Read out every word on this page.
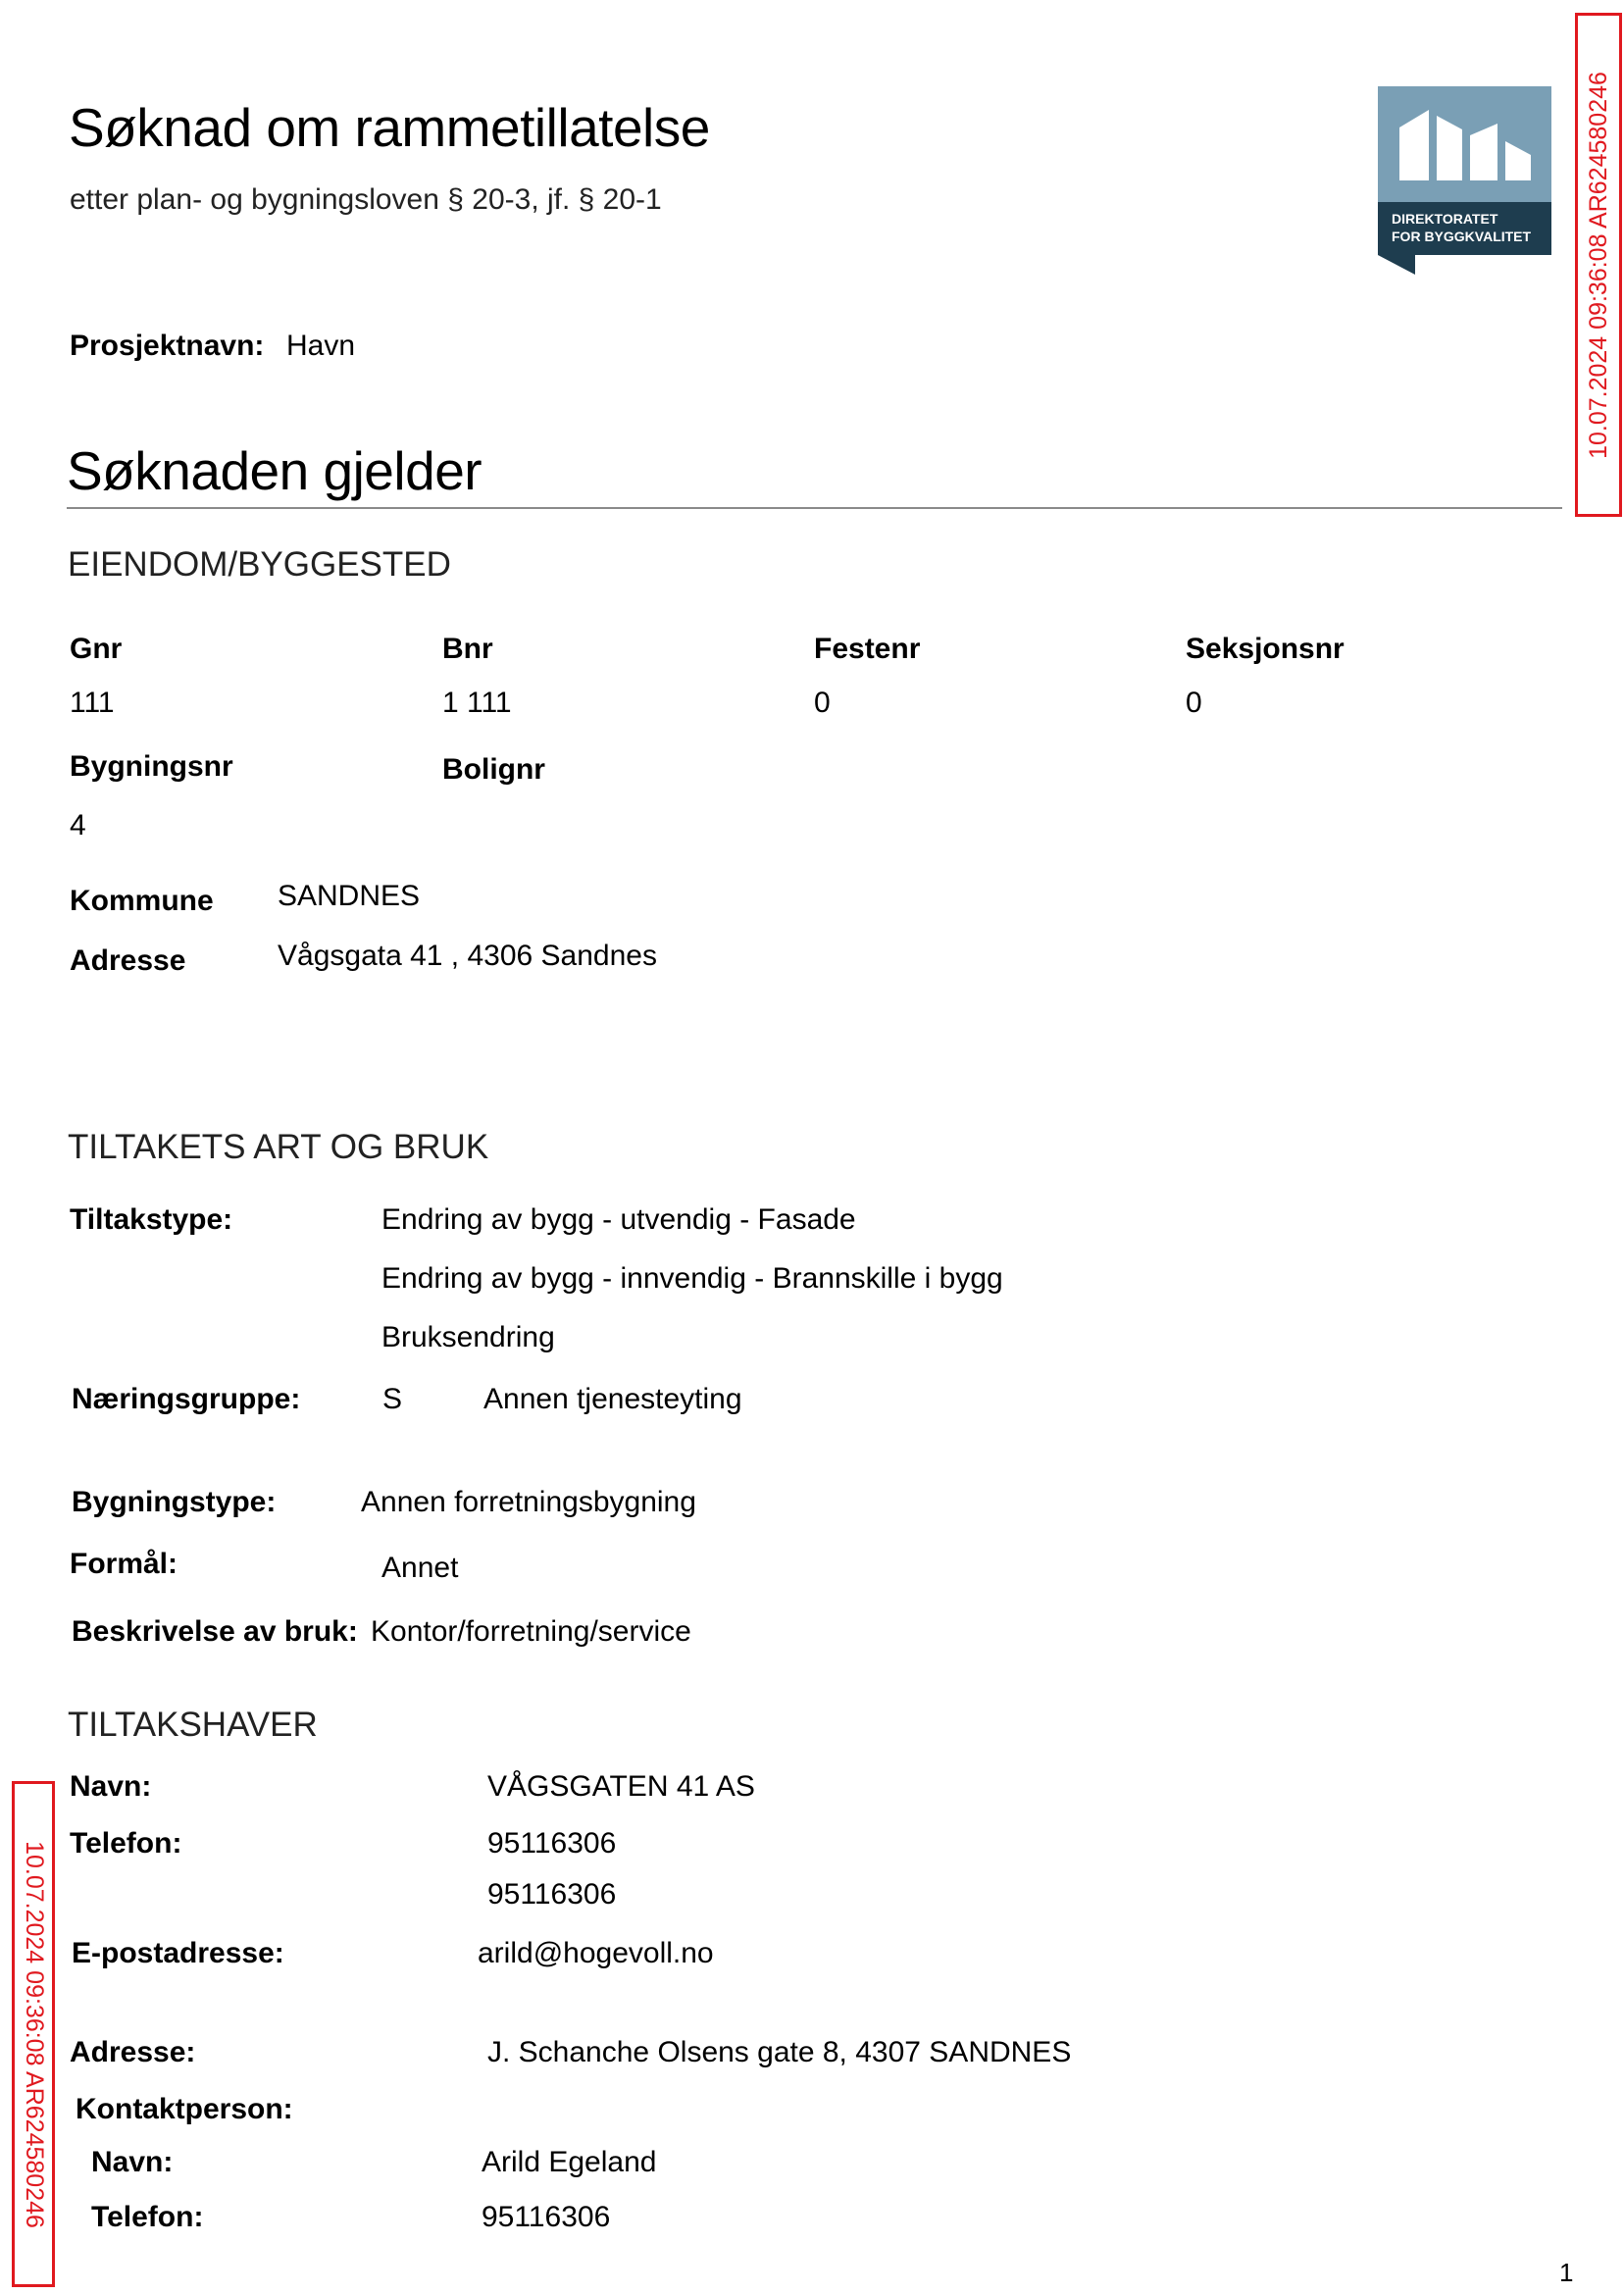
Søknad om rammetillatelse
etter plan- og bygningsloven § 20-3, jf. § 20-1
DIREKTORATET
FOR BYGGKVALITET 10.07.2024 09:36:08 AR624580246
10.07.2024 09:36:08 AR624580246
Prosjektnavn: Havn
Søknaden gjelder
EIENDOM/BYGGESTED
Gnr	Bnr	Festenr	Seksjonsnr
111	1 111	0	0
Bygningsnr	Bolignr
4
Kommune SANDNES
Adresse	Vågsgata 41 , 4306 Sandnes
TILTAKETS ART OG BRUK
Tiltakstype:	Endring av bygg - utvendig - Fasade
Endring av bygg - innvendig - Brannskille i bygg
Bruksendring
Næringsgruppe:	S	Annen tjenesteyting
Bygningstype:	Annen forretningsbygning
Formål:	Annet
Beskrivelse av bruk: Kontor/forretning/service
TILTAKSHAVER
Navn:	VÅGSGATEN 41 AS
Telefon:	95116306
95116306
E-postadresse:	arild@hogevoll.no
Adresse:	J. Schanche Olsens gate 8, 4307 SANDNES
Kontaktperson:
Navn:	Arild Egeland
Telefon:	95116306
1
